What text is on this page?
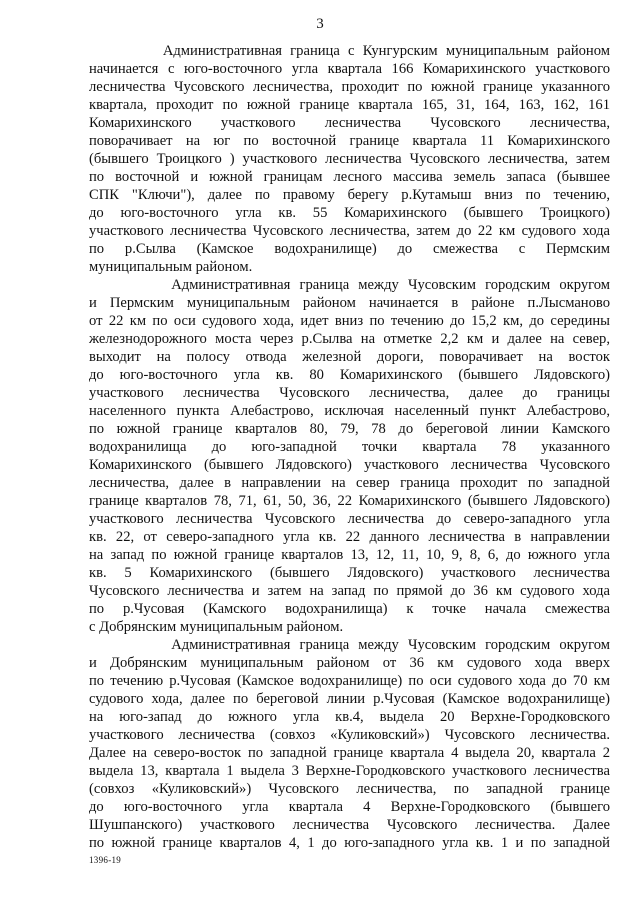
3

Административная граница с Кунгурским муниципальным районом
начинается с юго-восточного угла квартала 166 Комарихинского участкового
лесничества Чусовского лесничества, проходит по южной границе указанного
квартала, проходит по южной границе квартала 165, 31, 164, 163, 162, 161
Комарихинского участкового лесничества Чусовского лесничества,
поворачивает на юг по восточной границе квартала 11 Комарихинского
(бывшего Троицкого ) участкового лесничества Чусовского лесничества, затем
по восточной и южной границам лесного массива земель запаса (бывшее
СПК "Ключи"), далее по правому берегу р.Кутамыш вниз по течению,
до юго-восточного угла кв. 55 Комарихинского (бывшего Троицкого)
участкового лесничества Чусовского лесничества, затем до 22 км судового хода
по р.Сылва (Камское водохранилище) до смежества с Пермским
муниципальным районом.

Административная граница между Чусовским городским округом
и Пермским муниципальным районом начинается в районе п.Лысманово
от 22 км по оси судового хода, идет вниз по течению до 15,2 км, до середины
железнодорожного моста через р.Сылва на отметке 2,2 км и далее на север,
выходит на полосу отвода железной дороги, поворачивает на восток
до юго-восточного угла кв. 80 Комарихинского (бывшего Лядовского)
участкового лесничества Чусовского лесничества, далее до границы
населенного пункта Алебастрово, исключая населенный пункт Алебастрово,
по южной границе кварталов 80, 79, 78 до береговой линии Камского
водохранилища до юго-западной точки квартала 78 указанного
Комарихинского (бывшего Лядовского) участкового лесничества Чусовского
лесничества, далее в направлении на север граница проходит по западной
границе кварталов 78, 71, 61, 50, 36, 22 Комарихинского (бывшего Лядовского)
участкового лесничества Чусовского лесничества до северо-западного угла
кв. 22, от северо-западного угла кв. 22 данного лесничества в направлении
на запад по южной границе кварталов 13, 12, 11, 10, 9, 8, 6, до южного угла
кв. 5 Комарихинского (бывшего Лядовского) участкового лесничества
Чусовского лесничества и затем на запад по прямой до 36 км судового хода
по р.Чусовая (Камского водохранилища) к точке начала смежества
с Добрянским муниципальным районом.

Административная граница между Чусовским городским округом
и Добрянским муниципальным районом от 36 км судового хода вверх
по течению р.Чусовая (Камское водохранилище) по оси судового хода до 70 км
судового хода, далее по береговой линии р.Чусовая (Камское водохранилище)
на юго-запад до южного угла кв.4, выдела 20 Верхне-Городковского
участкового лесничества (совхоз «Куликовский») Чусовского лесничества.
Далее на северо-восток по западной границе квартала 4 выдела 20, квартала 2
выдела 13, квартала 1 выдела 3 Верхне-Городковского участкового лесничества
(совхоз «Куликовский») Чусовского лесничества, по западной границе
до юго-восточного угла квартала 4 Верхне-Городковского (бывшего
Шушпанского) участкового лесничества Чусовского лесничества. Далее
по южной границе кварталов 4, 1 до юго-западного угла кв. 1 и по западной

1396-19
